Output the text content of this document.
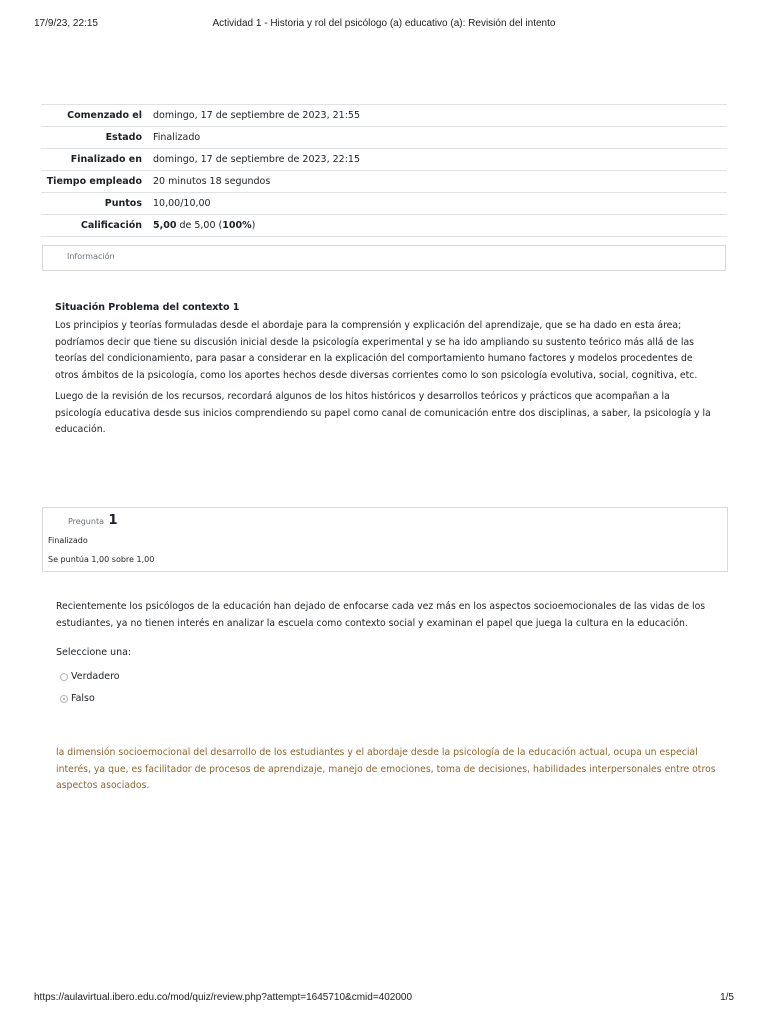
17/9/23, 22:15	Actividad 1 - Historia y rol del psicólogo (a) educativo (a): Revisión del intento
Comenzado el	domingo, 17 de septiembre de 2023, 21:55
Estado	Finalizado
Finalizado en	domingo, 17 de septiembre de 2023, 22:15
Tiempo empleado	20 minutos 18 segundos
Puntos	10,00/10,00
Calificación	5,00 de 5,00 (100%)
Información
Situación Problema del contexto 1

Los principios y teorías formuladas desde el abordaje para la comprensión y explicación del aprendizaje, que se ha dado en esta área; podríamos decir que tiene su discusión inicial desde la psicología experimental y se ha ido ampliando su sustento teórico más allá de las teorías del condicionamiento, para pasar a considerar en la explicación del comportamiento humano factores y modelos procedentes de otros ámbitos de la psicología, como los aportes hechos desde diversas corrientes como lo son psicología evolutiva, social, cognitiva, etc.

Luego de la revisión de los recursos, recordará algunos de los hitos históricos y desarrollos teóricos y prácticos que acompañan a la psicología educativa desde sus inicios comprendiendo su papel como canal de comunicación entre dos disciplinas, a saber, la psicología y la educación.

Pregunta 1
Finalizado
Se puntúa 1,00 sobre 1,00
Recientemente los psicólogos de la educación han dejado de enfocarse cada vez más en los aspectos socioemocionales de las vidas de los estudiantes, ya no tienen interés en analizar la escuela como contexto social y examinan el papel que juega la cultura en la educación.
Seleccione una:
Verdadero
Falso
la dimensión socioemocional del desarrollo de los estudiantes y el abordaje desde la psicología de la educación actual, ocupa un especial interés, ya que, es facilitador de procesos de aprendizaje, manejo de emociones, toma de decisiones, habilidades interpersonales entre otros aspectos asociados.
https://aulavirtual.ibero.edu.co/mod/quiz/review.php?attempt=1645710&cmid=402000	1/5
